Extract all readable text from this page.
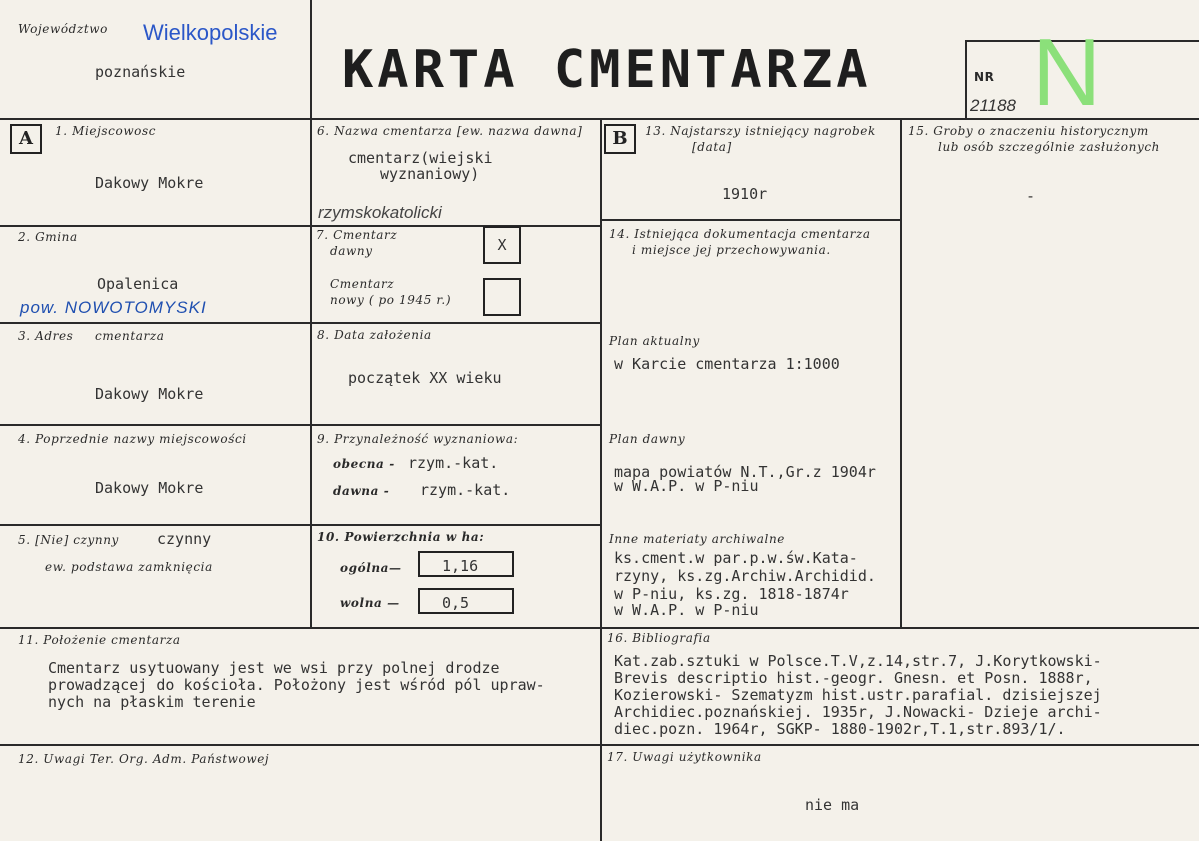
Województwo Wielkopolskie
poznańskie	KARTA CMENTARZA	NR
21188 N
A	1. Miejscowosc
Dakowy Mokre
2. Gmina
Opalenica
pow. NOWOTOMYSKI
3. Adres cmentarza
Dakowy Mokre
4. Poprzednie nazwy miejscowości
Dakowy Mokre
5. [Nie] czynny	czynny
ew. podstawa zamknięcia
6. Nazwa cmentarza [ew. nazwa dawna]
cmentarz(wiejski
wyznaniowy)
rzymskokatolicki
7. Cmentarz
dawny	X
Cmentarz
nowy ( po 1945 r.)
8. Data założenia
początek XX wieku
9. Przynależność wyznaniowa:
obecna - rzym.-kat.
dawna - rzym.-kat.
10. Powierzchnia w ha:
ogólna—	1,16
wolna —	0,5
B	13. Najstarszy istniejący nagrobek
[data]
1910r
14. Istniejąca dokumentacja cmentarza
i miejsce jej przechowywania.
Plan aktualny
w Karcie cmentarza 1:1000
Plan dawny
mapa powiatów N.T.,Gr.z 1904r
w W.A.P. w P-niu
Inne materiaty archiwalne
ks.cment.w par.p.w.św.Kata-
rzyny, ks.zg.Archiw.Archidid.
w P-niu, ks.zg. 1818-1874r
w W.A.P. w P-niu
15. Groby o znaczeniu historycznym
lub osób szczególnie zasłużonych
-
11. Położenie cmentarza
Cmentarz usytuowany jest we wsi przy polnej drodze
prowadzącej do kościoła. Położony jest wśród pól upraw-
nych na płaskim terenie
16. Bibliografia
Kat.zab.sztuki w Polsce.T.V,z.14,str.7, J.Korytkowski-
Brevis descriptio hist.-geogr. Gnesn. et Posn. 1888r,
Kozierowski- Szematyzm hist.ustr.parafial. dzisiejszej
Archidiec.poznańskiej. 1935r, J.Nowacki- Dzieje archi-
diec.pozn. 1964r, SGKP- 1880-1902r,T.1,str.893/1/.
12. Uwagi Ter. Org. Adm. Państwowej	17. Uwagi użytkownika
nie ma
